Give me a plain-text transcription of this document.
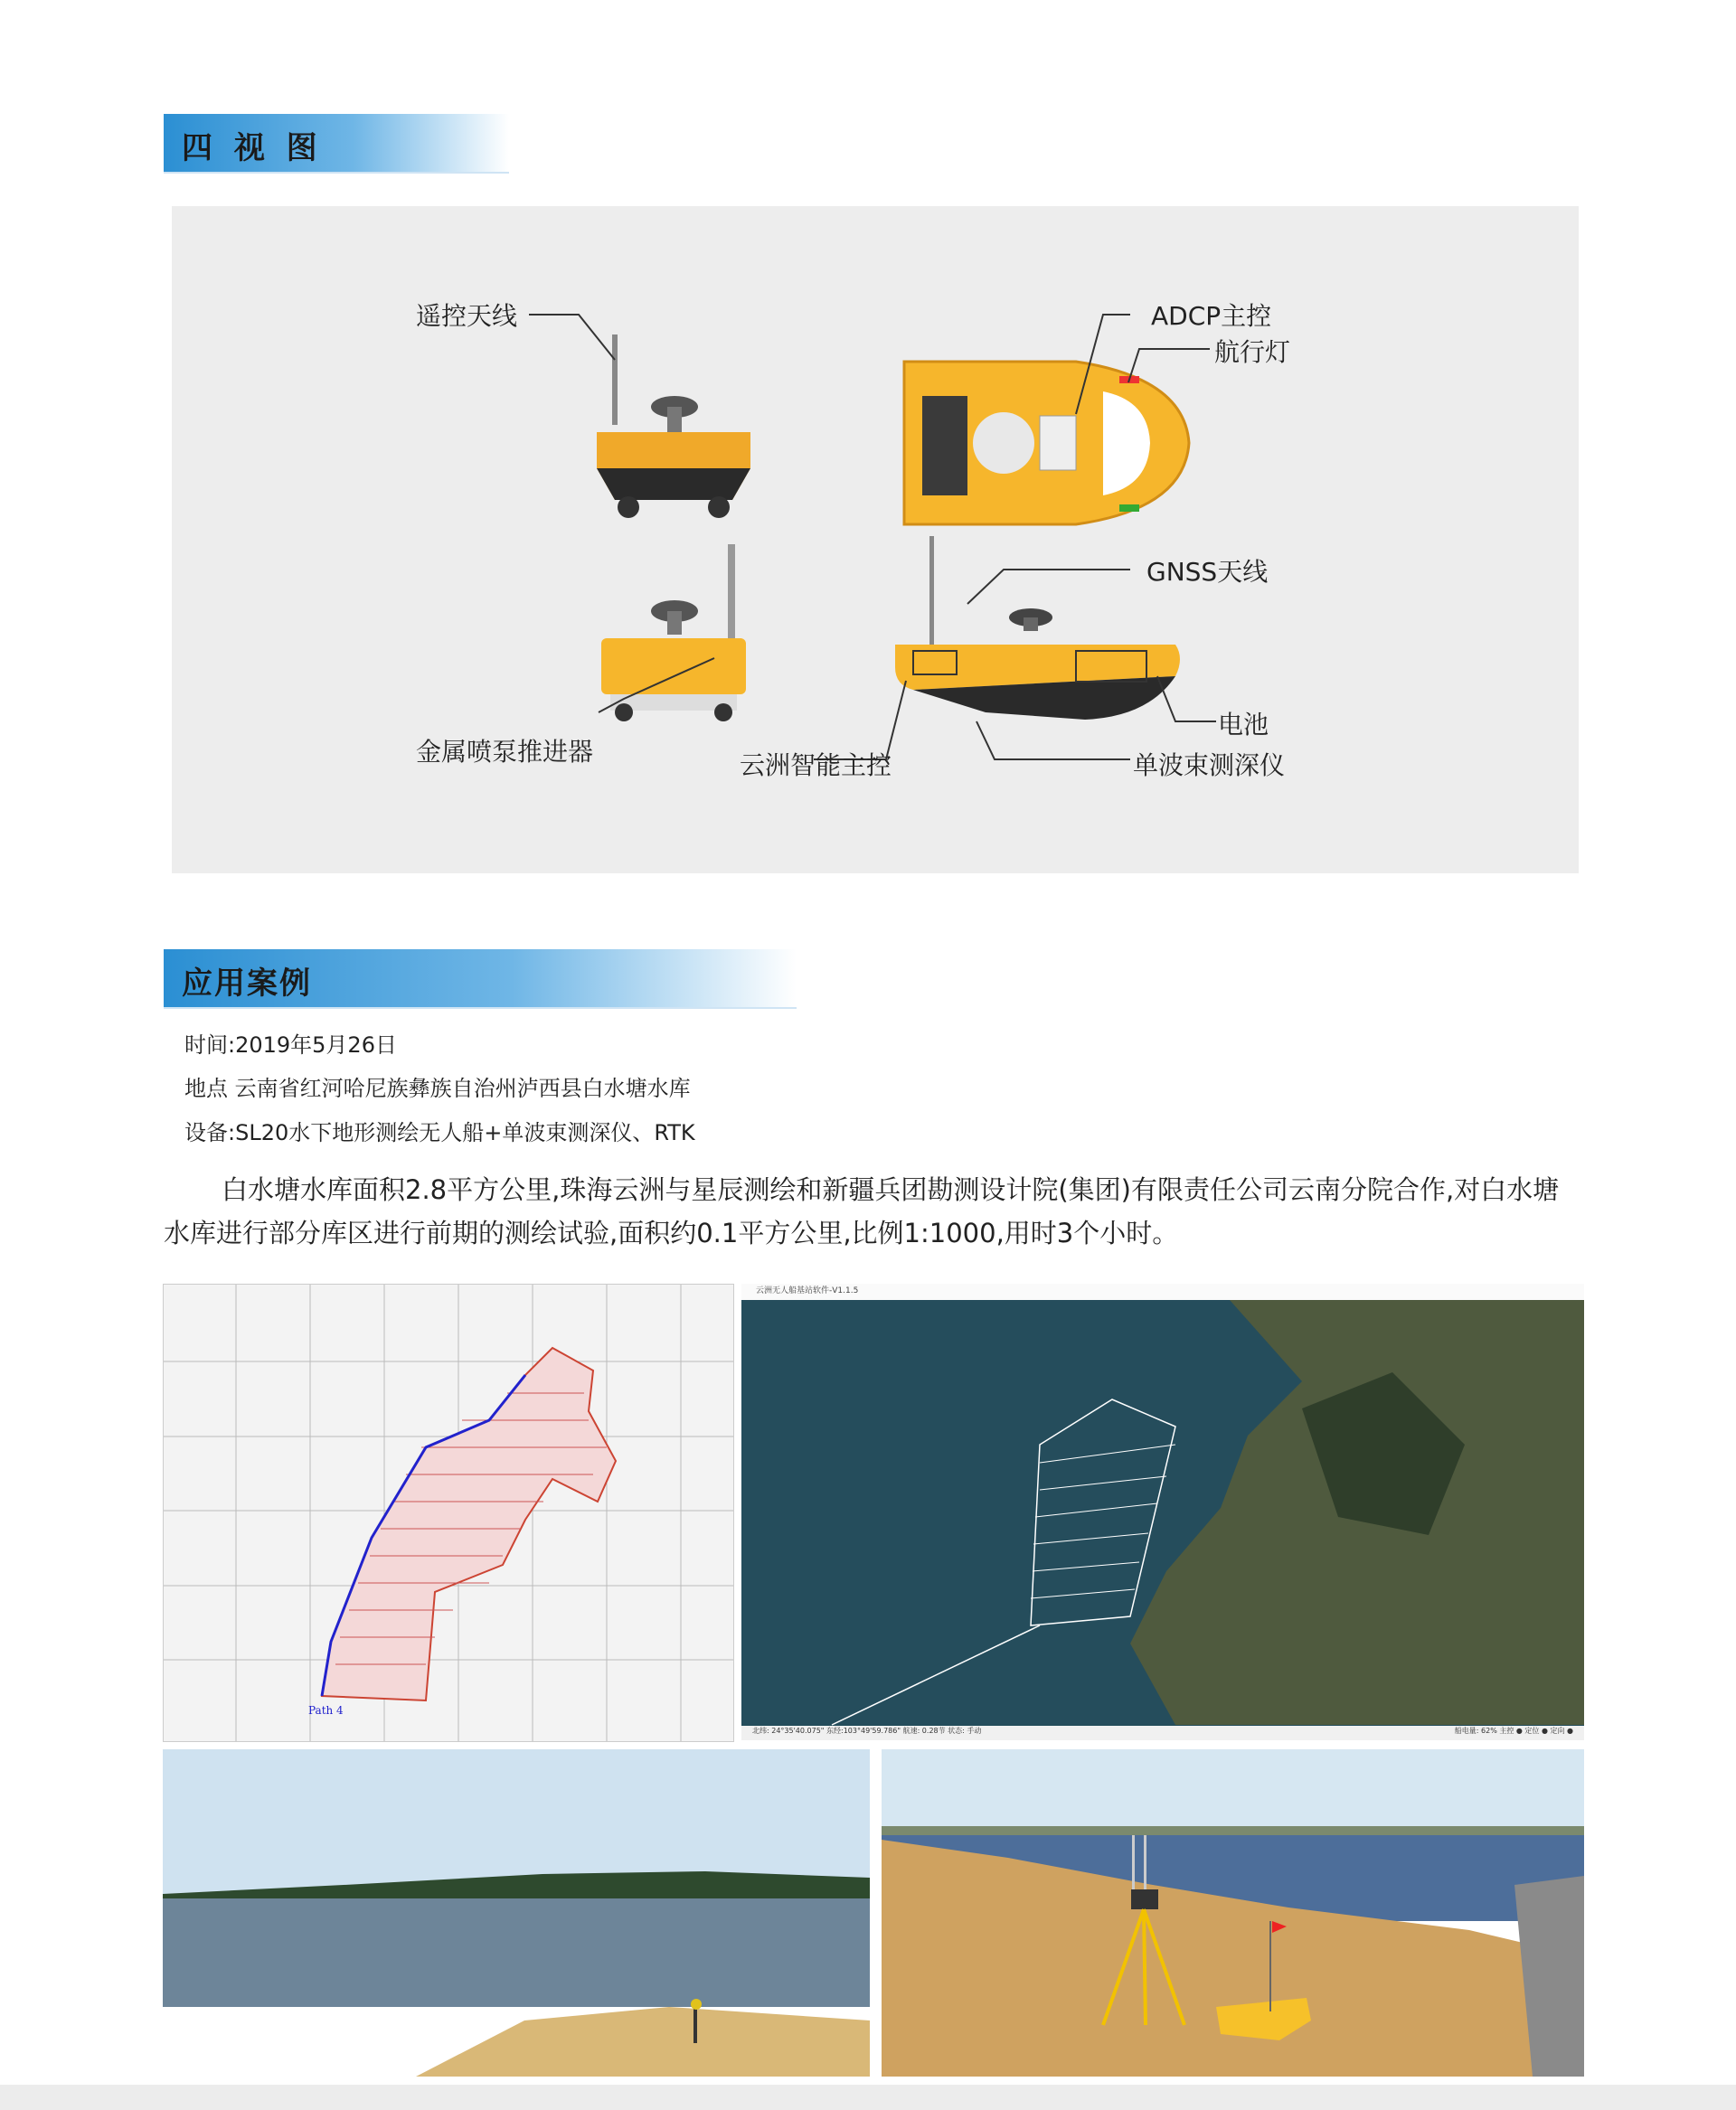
四 视 图
遥控天线	ADCP主控
航行灯
GNSS天线
电池
金属喷泵推进器	云洲智能主控	单波束测深仪
应用案例
时间:2019年5月26日
地点 云南省红河哈尼族彝族自治州泸西县白水塘水库
设备:SL20水下地形测绘无人船+单波束测深仪、RTK
白水塘水库面积2.8平方公里,珠海云洲与星辰测绘和新疆兵团勘测设计院(集团)有限责任公司云南分院合作,对白水塘水库进行部分库区进行前期的测绘试验,面积约0.1平方公里,比例1:1000,用时3个小时。
Path 4
云洲无人船基站软件-V1.1.5
北纬: 24°35'40.075" 东经:103°49'59.786" 航速: 0.28节 状态: 手动	船电量: 62% 主控 ● 定位 ● 定向 ●
